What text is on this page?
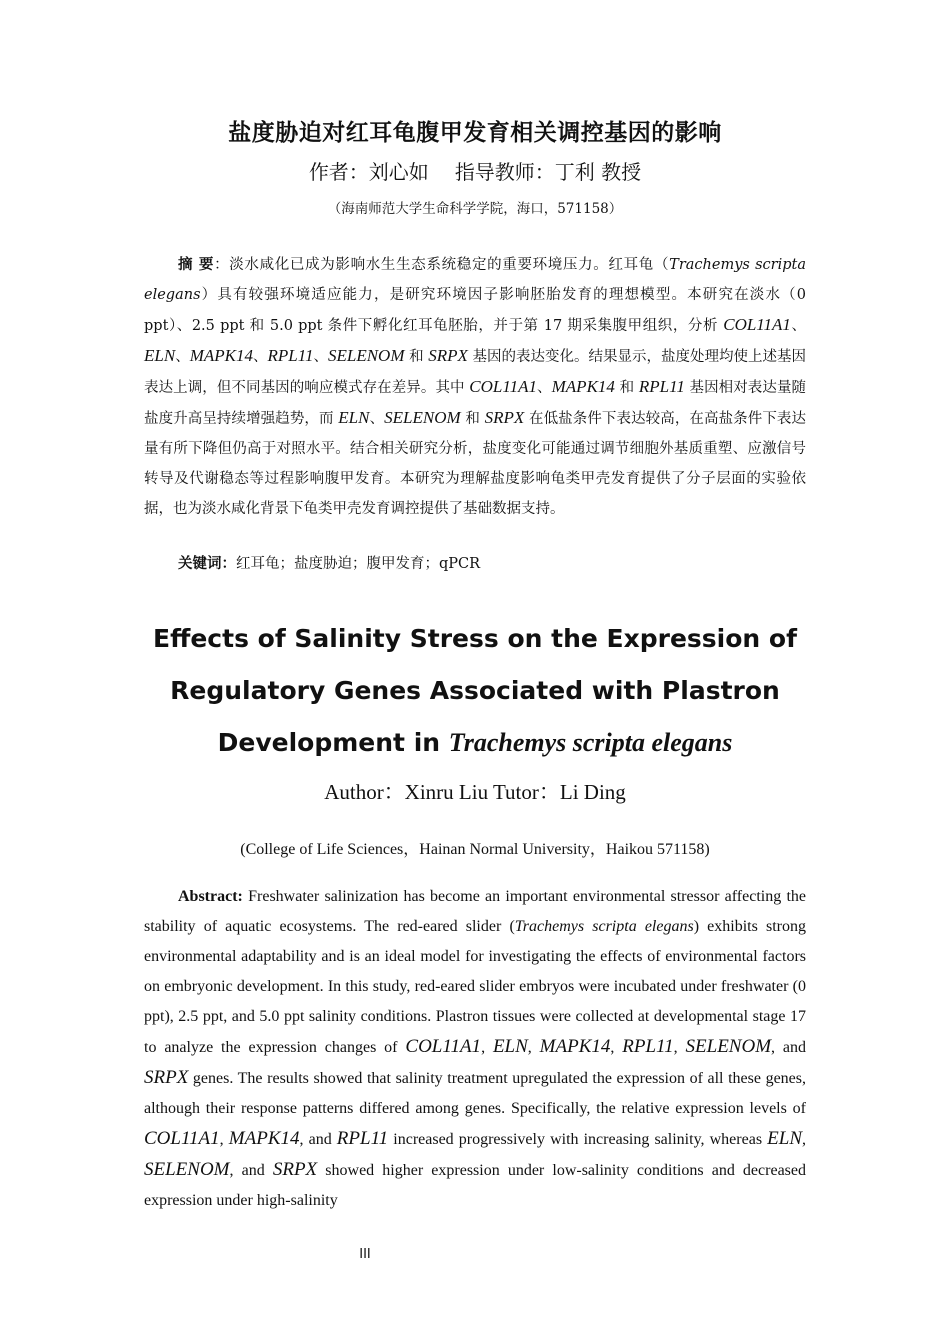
盐度胁迫对红耳龟腹甲发育相关调控基因的影响
作者：刘心如 指导教师：丁利 教授
（海南师范大学生命科学学院，海口，571158）

摘 要：淡水咸化已成为影响水生生态系统稳定的重要环境压力。红耳龟（Trachemys scripta elegans）具有较强环境适应能力，是研究环境因子影响胚胎发育的理想模型。本研究在淡水（0 ppt）、2.5 ppt 和 5.0 ppt 条件下孵化红耳龟胚胎，并于第 17 期采集腹甲组织，分析 COL11A1、ELN、MAPK14、RPL11、SELENOM 和 SRPX 基因的表达变化。结果显示，盐度处理均使上述基因表达上调，但不同基因的响应模式存在差异。其中 COL11A1、MAPK14 和 RPL11 基因相对表达量随盐度升高呈持续增强趋势，而 ELN、SELENOM 和 SRPX 在低盐条件下表达较高，在高盐条件下表达量有所下降但仍高于对照水平。结合相关研究分析，盐度变化可能通过调节细胞外基质重塑、应激信号转导及代谢稳态等过程影响腹甲发育。本研究为理解盐度影响龟类甲壳发育提供了分子层面的实验依据，也为淡水咸化背景下龟类甲壳发育调控提供了基础数据支持。

关键词：红耳龟；盐度胁迫；腹甲发育；qPCR
Effects of Salinity Stress on the Expression of
Regulatory Genes Associated with Plastron
Development in Trachemys scripta elegans
Author：Xinru Liu Tutor：Li Ding
(College of Life Sciences，Hainan Normal University，Haikou 571158)

Abstract: Freshwater salinization has become an important environmental stressor affecting the stability of aquatic ecosystems. The red-eared slider (Trachemys scripta elegans) exhibits strong environmental adaptability and is an ideal model for investigating the effects of environmental factors on embryonic development. In this study, red-eared slider embryos were incubated under freshwater (0 ppt), 2.5 ppt, and 5.0 ppt salinity conditions. Plastron tissues were collected at developmental stage 17 to analyze the expression changes of COL11A1, ELN, MAPK14, RPL11, SELENOM, and SRPX genes. The results showed that salinity treatment upregulated the expression of all these genes, although their response patterns differed among genes. Specifically, the relative expression levels of COL11A1, MAPK14, and RPL11 increased progressively with increasing salinity, whereas ELN, SELENOM, and SRPX showed higher expression under low-salinity conditions and decreased expression under high-salinity

III
